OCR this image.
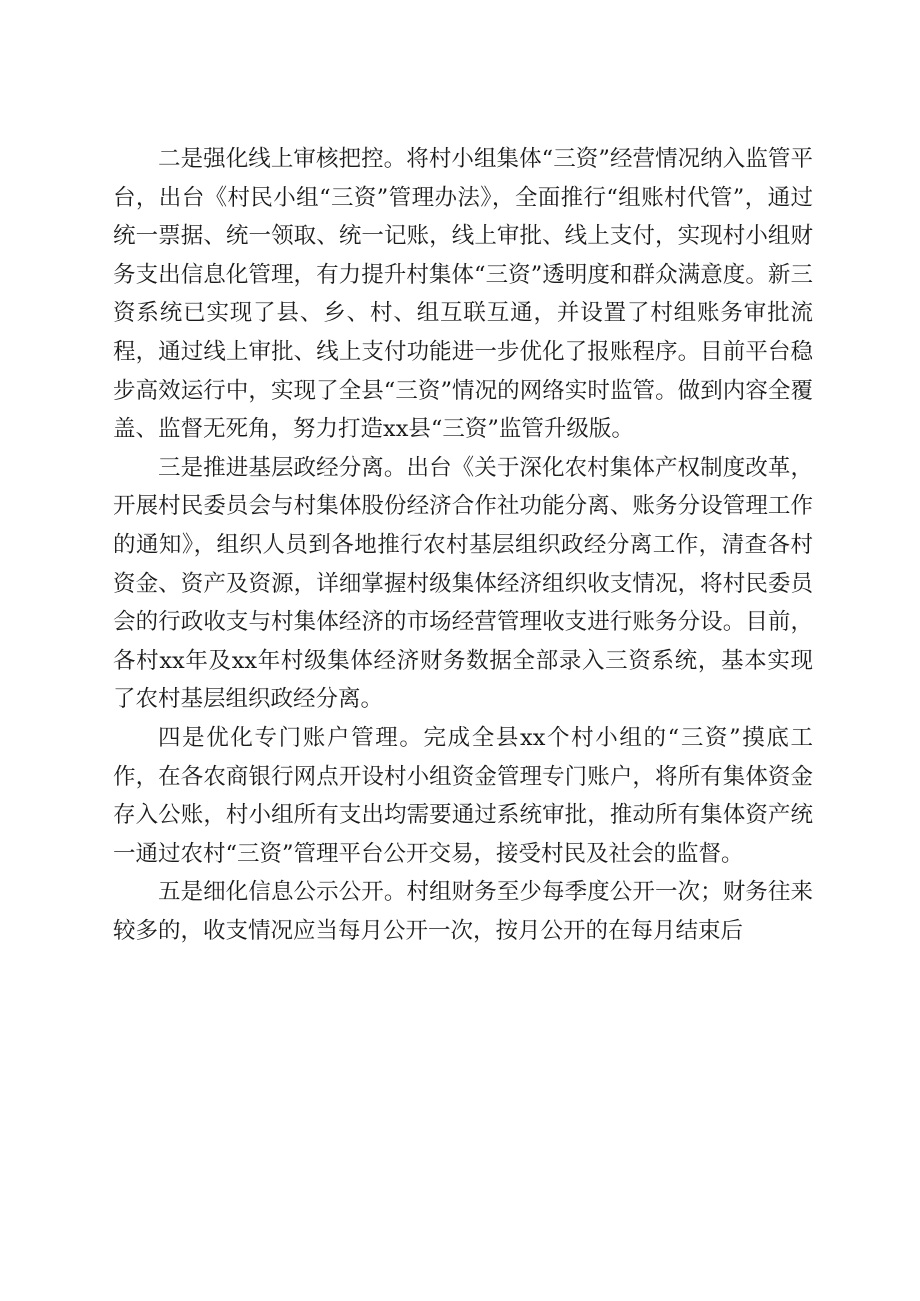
二是强化线上审核把控。将村小组集体“三资”经营情况纳入监管平台，出台《村民小组“三资”管理办法》，全面推行“组账村代管”，通过统一票据、统一领取、统一记账，线上审批、线上支付，实现村小组财务支出信息化管理，有力提升村集体“三资”透明度和群众满意度。新三资系统已实现了县、乡、村、组互联互通，并设置了村组账务审批流程，通过线上审批、线上支付功能进一步优化了报账程序。目前平台稳步高效运行中，实现了全县“三资”情况的网络实时监管。做到内容全覆盖、监督无死角，努力打造xx县“三资”监管升级版。

三是推进基层政经分离。出台《关于深化农村集体产权制度改革，开展村民委员会与村集体股份经济合作社功能分离、账务分设管理工作的通知》，组织人员到各地推行农村基层组织政经分离工作，清查各村资金、资产及资源，详细掌握村级集体经济组织收支情况，将村民委员会的行政收支与村集体经济的市场经营管理收支进行账务分设。目前，各村xx年及xx年村级集体经济财务数据全部录入三资系统，基本实现了农村基层组织政经分离。

四是优化专门账户管理。完成全县xx个村小组的“三资”摸底工作，在各农商银行网点开设村小组资金管理专门账户，将所有集体资金存入公账，村小组所有支出均需要通过系统审批，推动所有集体资产统一通过农村“三资”管理平台公开交易，接受村民及社会的监督。

五是细化信息公示公开。村组财务至少每季度公开一次；财务往来较多的，收支情况应当每月公开一次，按月公开的在每月结束后
